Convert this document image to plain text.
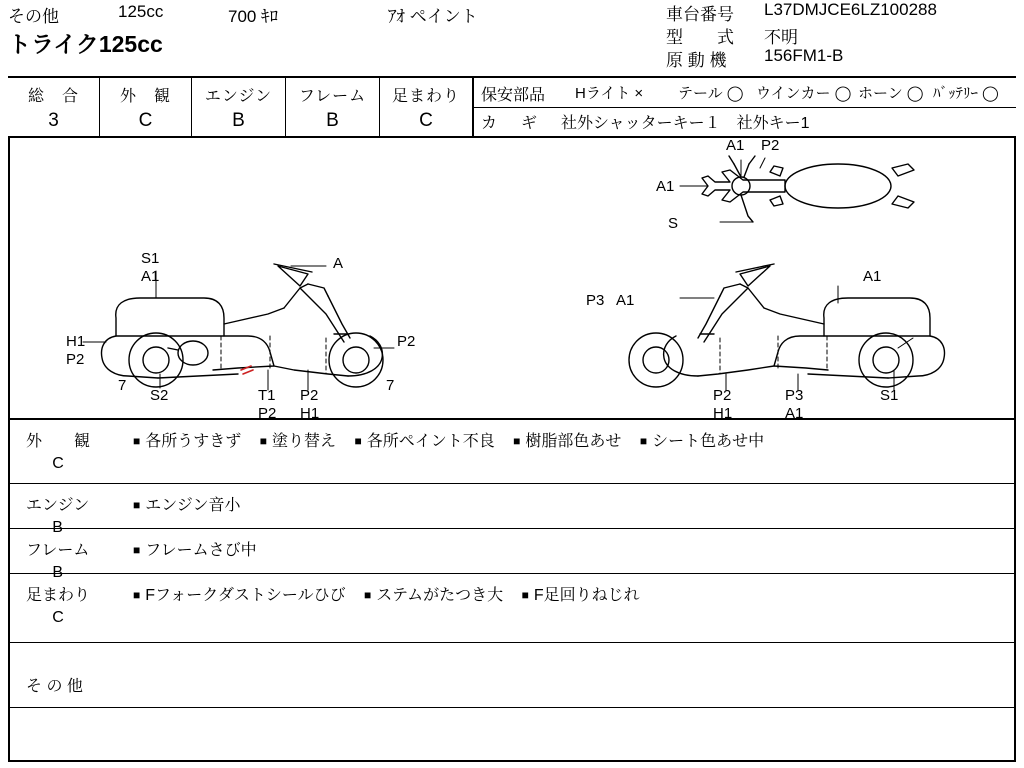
その他	125cc	700 ｷﾛ	ｱｵ ペイント
トライク125cc
車台番号 L37DMJCE6LZ100288
型　　式 不明
原 動 機 156FM1-B
総　合
3
外　観
C
エンジン
B
フレーム
B
足まわり
C
保安部品 Hライト × テール ◯ ウインカー ◯ ホーン ◯ ﾊﾞｯﾃﾘｰ ◯
カ　ギ 社外シャッターキー１　社外キー1
A1 P2
A1
S
S1
A1
A
H1
P2
P2
7	7
S2	T1
P2
P2
H1
A1
P3 A1
P2
H1
P3
A1
S1
外　　観
C
■ 各所うすきず ■ 塗り替え ■ 各所ペイント不良 ■ 樹脂部色あせ ■ シート色あせ中
エンジン
B
■ エンジン音小
フレーム
B
■ フレームさび中
足まわり
C
■ Fフォークダストシールひび ■ ステムがたつき大 ■ F足回りねじれ
そ の 他
